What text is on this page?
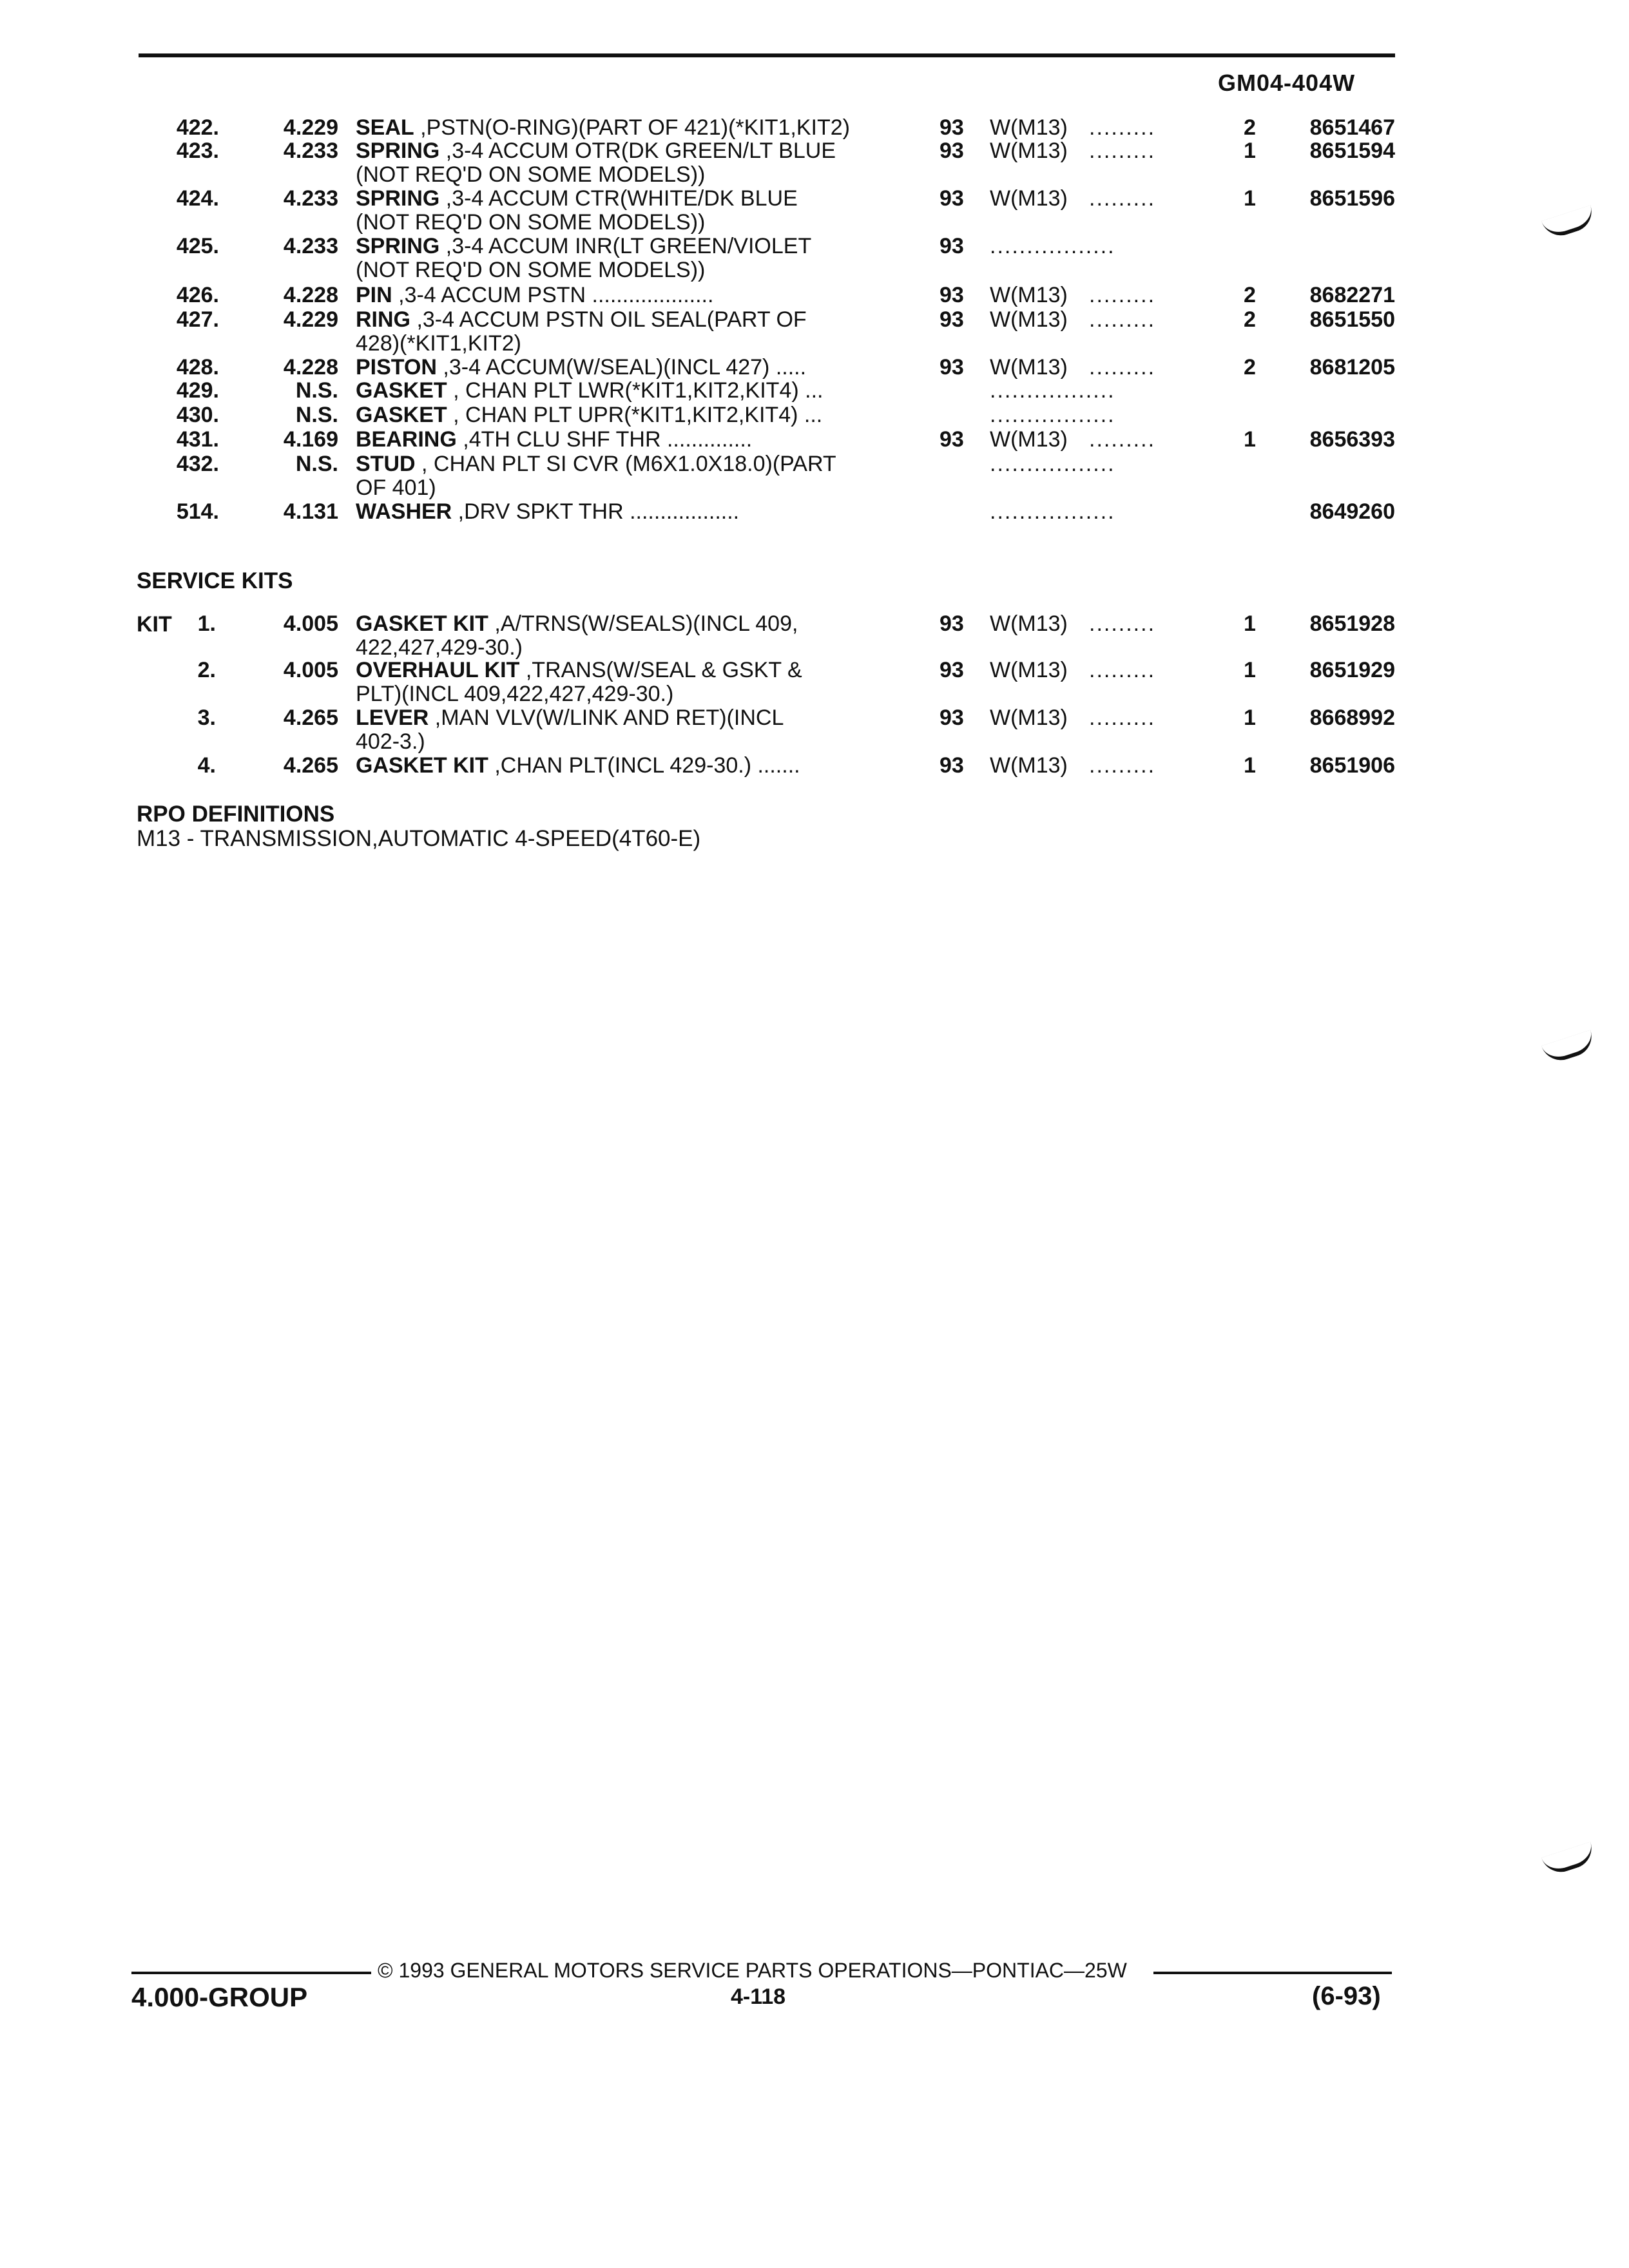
GM04-404W
422.	4.229 SEAL ,PSTN(O-RING)(PART OF 421)(*KIT1,KIT2)	93 W(M13) .........	2	8651467
423.	4.233 SPRING ,3-4 ACCUM OTR(DK GREEN/LT BLUE
(NOT REQ'D ON SOME MODELS))
93 W(M13) .........	1	8651594
424.	4.233 SPRING ,3-4 ACCUM CTR(WHITE/DK BLUE
(NOT REQ'D ON SOME MODELS))
93 W(M13) .........	1	8651596
425.	4.233 SPRING ,3-4 ACCUM INR(LT GREEN/VIOLET
(NOT REQ'D ON SOME MODELS))
93 .................
426.	4.228 PIN ,3-4 ACCUM PSTN ....................	93 W(M13) .........	2	8682271
427.	4.229 RING ,3-4 ACCUM PSTN OIL SEAL(PART OF
428)(*KIT1,KIT2)
93 W(M13) .........	2	8651550
428.	4.228 PISTON ,3-4 ACCUM(W/SEAL)(INCL 427) .....	93 W(M13) .........	2	8681205
429.	N.S. GASKET , CHAN PLT LWR(*KIT1,KIT2,KIT4) ...	.................
430.	N.S. GASKET , CHAN PLT UPR(*KIT1,KIT2,KIT4) ...	.................
431.	4.169 BEARING ,4TH CLU SHF THR ..............	93 W(M13) .........	1	8656393
432.	N.S. STUD , CHAN PLT SI CVR (M6X1.0X18.0)(PART
OF 401)
.................
514.	4.131 WASHER ,DRV SPKT THR ..................	.................	8649260
SERVICE KITS
KIT	1.	4.005 GASKET KIT ,A/TRNS(W/SEALS)(INCL 409,
422,427,429-30.)
93 W(M13) .........	1	8651928
2.	4.005 OVERHAUL KIT ,TRANS(W/SEAL & GSKT &
PLT)(INCL 409,422,427,429-30.)
93 W(M13) .........	1	8651929
3.	4.265 LEVER ,MAN VLV(W/LINK AND RET)(INCL
402-3.)
93 W(M13) .........	1	8668992
4.	4.265 GASKET KIT ,CHAN PLT(INCL 429-30.) .......	93 W(M13) .........	1	8651906
RPO DEFINITIONS
M13 - TRANSMISSION,AUTOMATIC 4-SPEED(4T60-E)
© 1993 GENERAL MOTORS SERVICE PARTS OPERATIONS—PONTIAC—25W
4.000-GROUP	4-118	(6-93)
